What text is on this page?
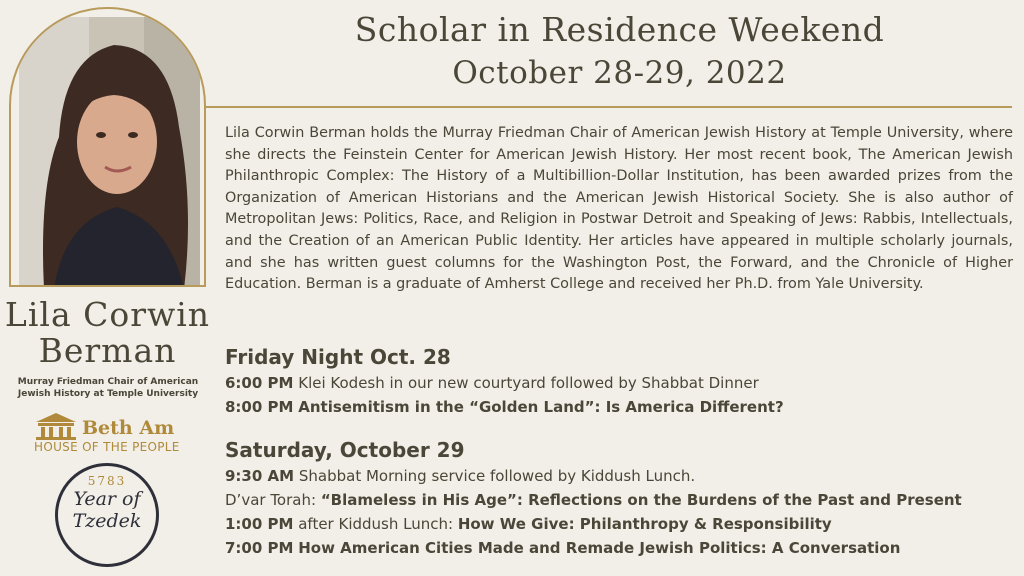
Lila Corwin
Berman
Murray Friedman Chair of American Jewish History at Temple University
Beth Am
HOUSE OF THE PEOPLE
5783
Year of
Tzedek
Scholar in Residence Weekend
October 28-29, 2022

Lila Corwin Berman holds the Murray Friedman Chair of American Jewish History at Temple University, where she directs the Feinstein Center for American Jewish History. Her most recent book, The American Jewish Philanthropic Complex: The History of a Multibillion-Dollar Institution, has been awarded prizes from the Organization of American Historians and the American Jewish Historical Society. She is also author of Metropolitan Jews: Politics, Race, and Religion in Postwar Detroit and Speaking of Jews: Rabbis, Intellectuals, and the Creation of an American Public Identity. Her articles have appeared in multiple scholarly journals, and she has written guest columns for the Washington Post, the Forward, and the Chronicle of Higher Education. Berman is a graduate of Amherst College and received her Ph.D. from Yale University.

Friday Night Oct. 28
6:00 PM Klei Kodesh in our new courtyard followed by Shabbat Dinner
8:00 PM Antisemitism in the “Golden Land”: Is America Different?
Saturday, October 29
9:30 AM Shabbat Morning service followed by Kiddush Lunch.
D’var Torah: “Blameless in His Age”: Reflections on the Burdens of the Past and Present
1:00 PM after Kiddush Lunch: How We Give: Philanthropy & Responsibility
7:00 PM How American Cities Made and Remade Jewish Politics: A Conversation
